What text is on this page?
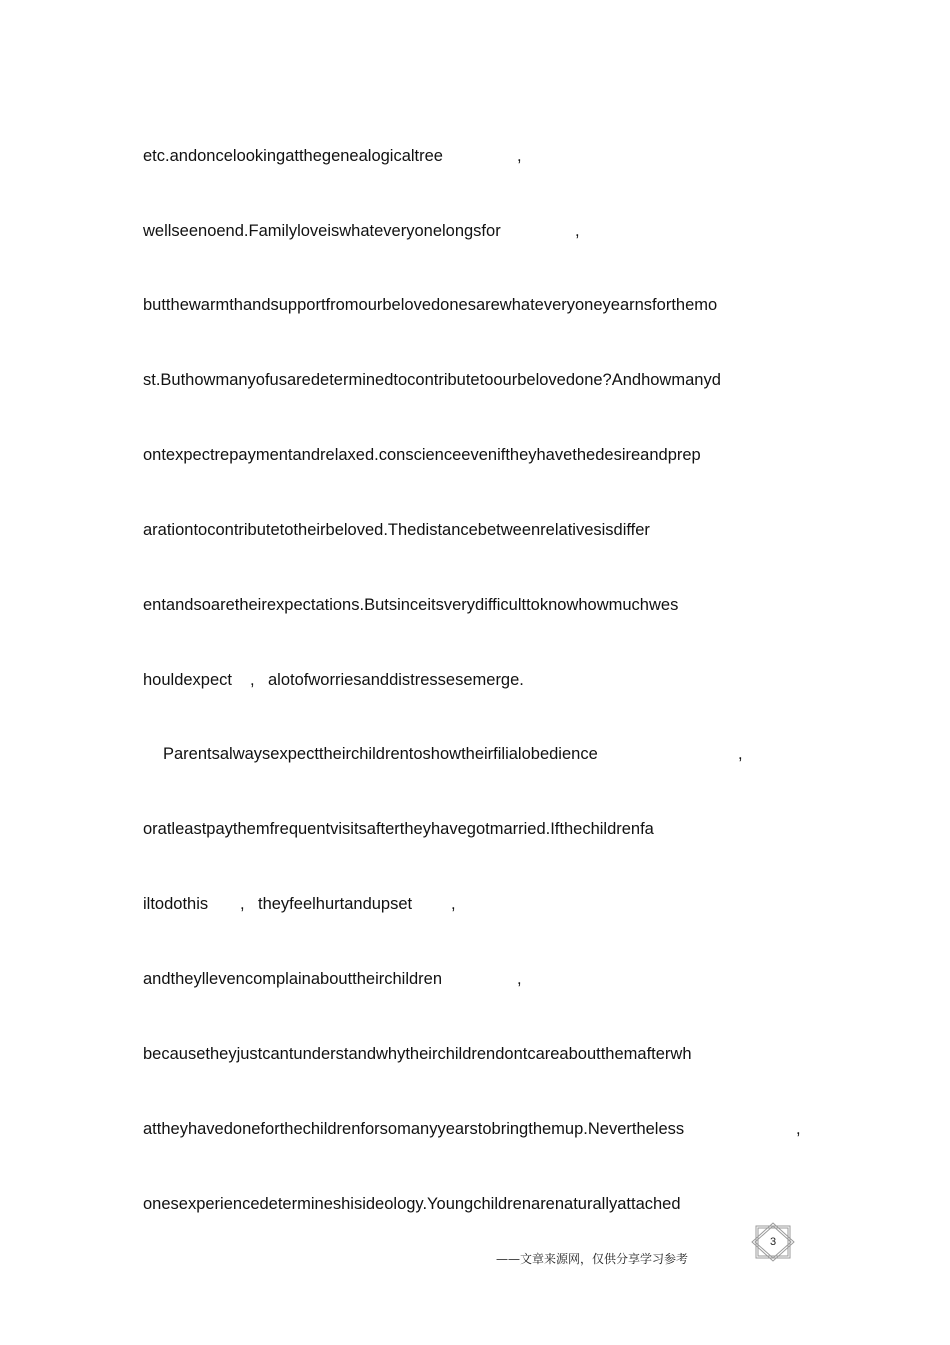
etc.andoncelookingatthegenealogicaltree	,
wellseenoend.Familyloveiswhateveryonelongsfor	,
butthewarmthandsupportfromourbelovedonesarewhateveryoneyearnsforthemo
st.Buthowmanyofusaredeterminedtocontributetoourbelovedone?Andhowmanyd
ontexpectrepaymentandrelaxed.conscienceeveniftheyhavethedesireandprep
arationtocontributetotheirbeloved.Thedistancebetweenrelativesisdiffer
entandsoaretheirexpectations.Butsinceitsverydifficulttoknowhowmuchwes
houldexpect , alotofworriesanddistressesemerge.
Parentsalwaysexpecttheirchildrentoshowtheirfilialobedience	,
oratleastpaythemfrequentvisitsaftertheyhavegotmarried.Ifthechildrenfa
iltodothis , theyfeelhurtandupset ,
andtheyllevencomplainabouttheirchildren	,
becausetheyjustcantunderstandwhytheirchildrendontcareaboutthemafterwh
attheyhavedoneforthechildrenforsomanyyearstobringthemup.Nevertheless	,
onesexperiencedetermineshisideology.Youngchildrenarenaturallyattached
——文章来源网，仅供分享学习参考
3
